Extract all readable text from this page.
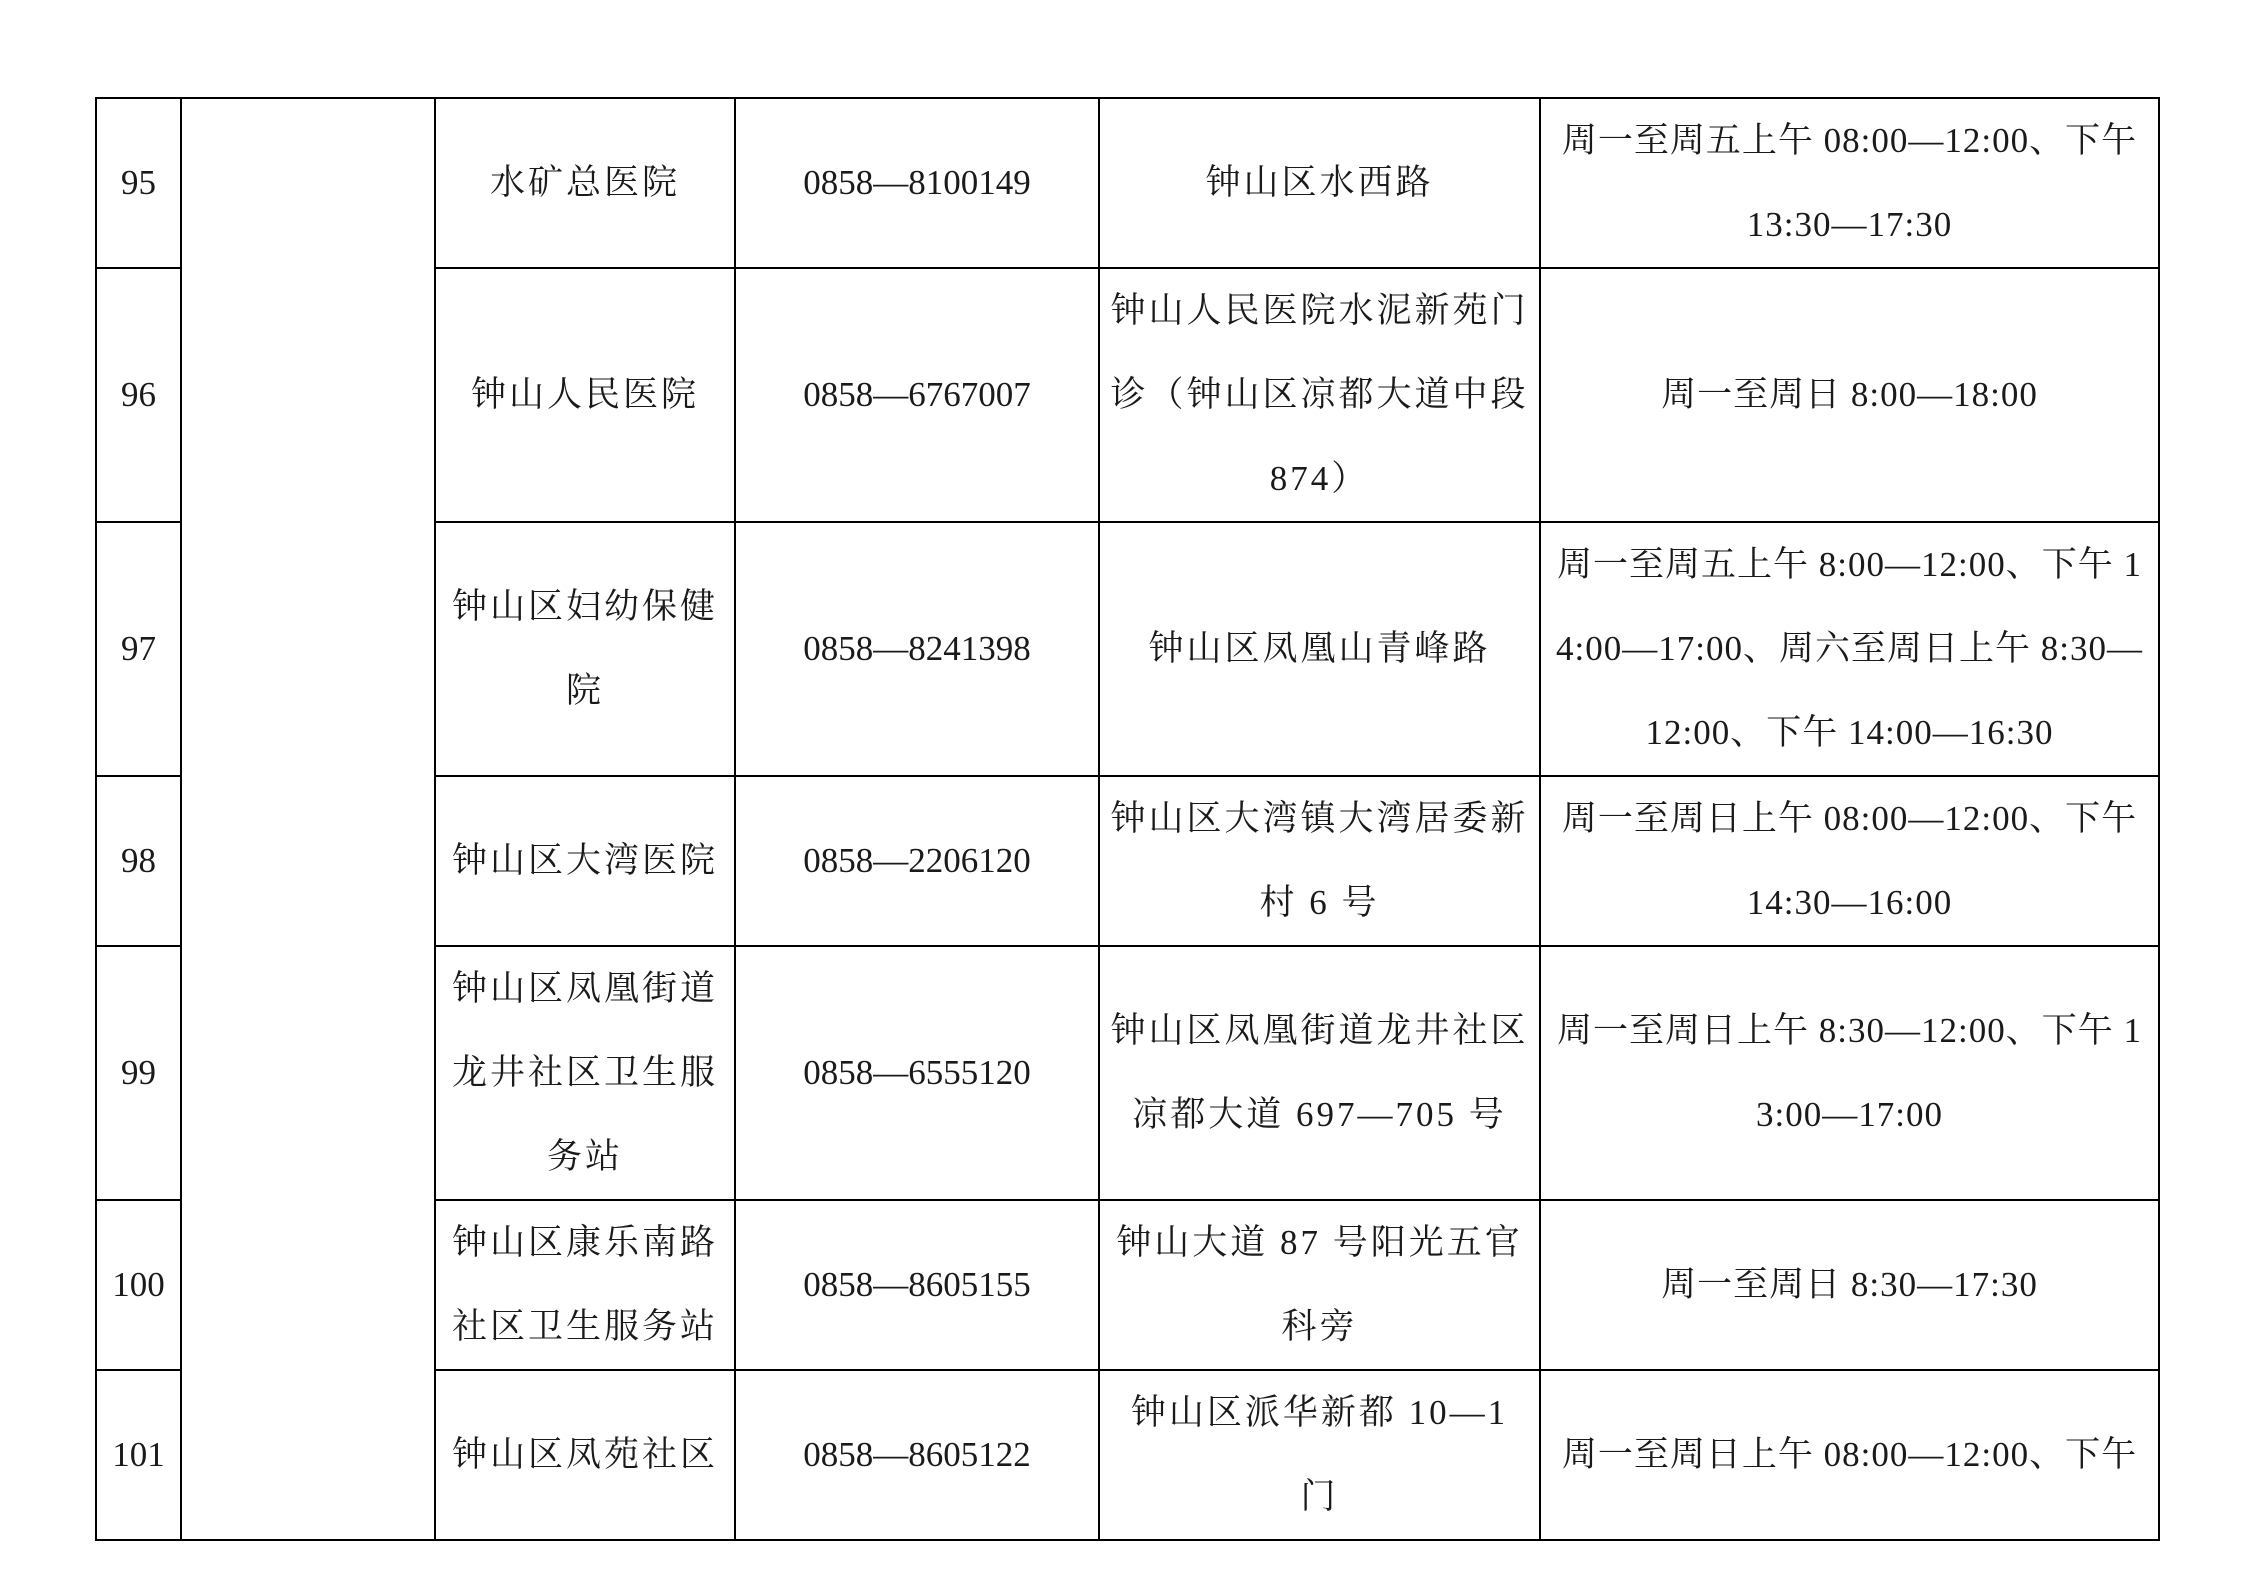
95		水矿总医院	0858—8100149	钟山区水西路	周一至周五上午 08:00—12:00、下午 13:30—17:30
96		钟山人民医院	0858—6767007	钟山人民医院水泥新苑门诊（钟山区凉都大道中段 874）	周一至周日 8:00—18:00
97		钟山区妇幼保健院	0858—8241398	钟山区凤凰山青峰路	周一至周五上午 8:00—12:00、下午 14:00—17:00、周六至周日上午 8:30—12:00、下午 14:00—16:30
98		钟山区大湾医院	0858—2206120	钟山区大湾镇大湾居委新村 6 号	周一至周日上午 08:00—12:00、下午 14:30—16:00
99		钟山区凤凰街道龙井社区卫生服务站	0858—6555120	钟山区凤凰街道龙井社区凉都大道 697—705 号	周一至周日上午 8:30—12:00、下午 13:00—17:00
100		钟山区康乐南路社区卫生服务站	0858—8605155	钟山大道 87 号阳光五官科旁	周一至周日 8:30—17:30
101		钟山区凤苑社区	0858—8605122	钟山区派华新都 10—1 门	周一至周日上午 08:00—12:00、下午
